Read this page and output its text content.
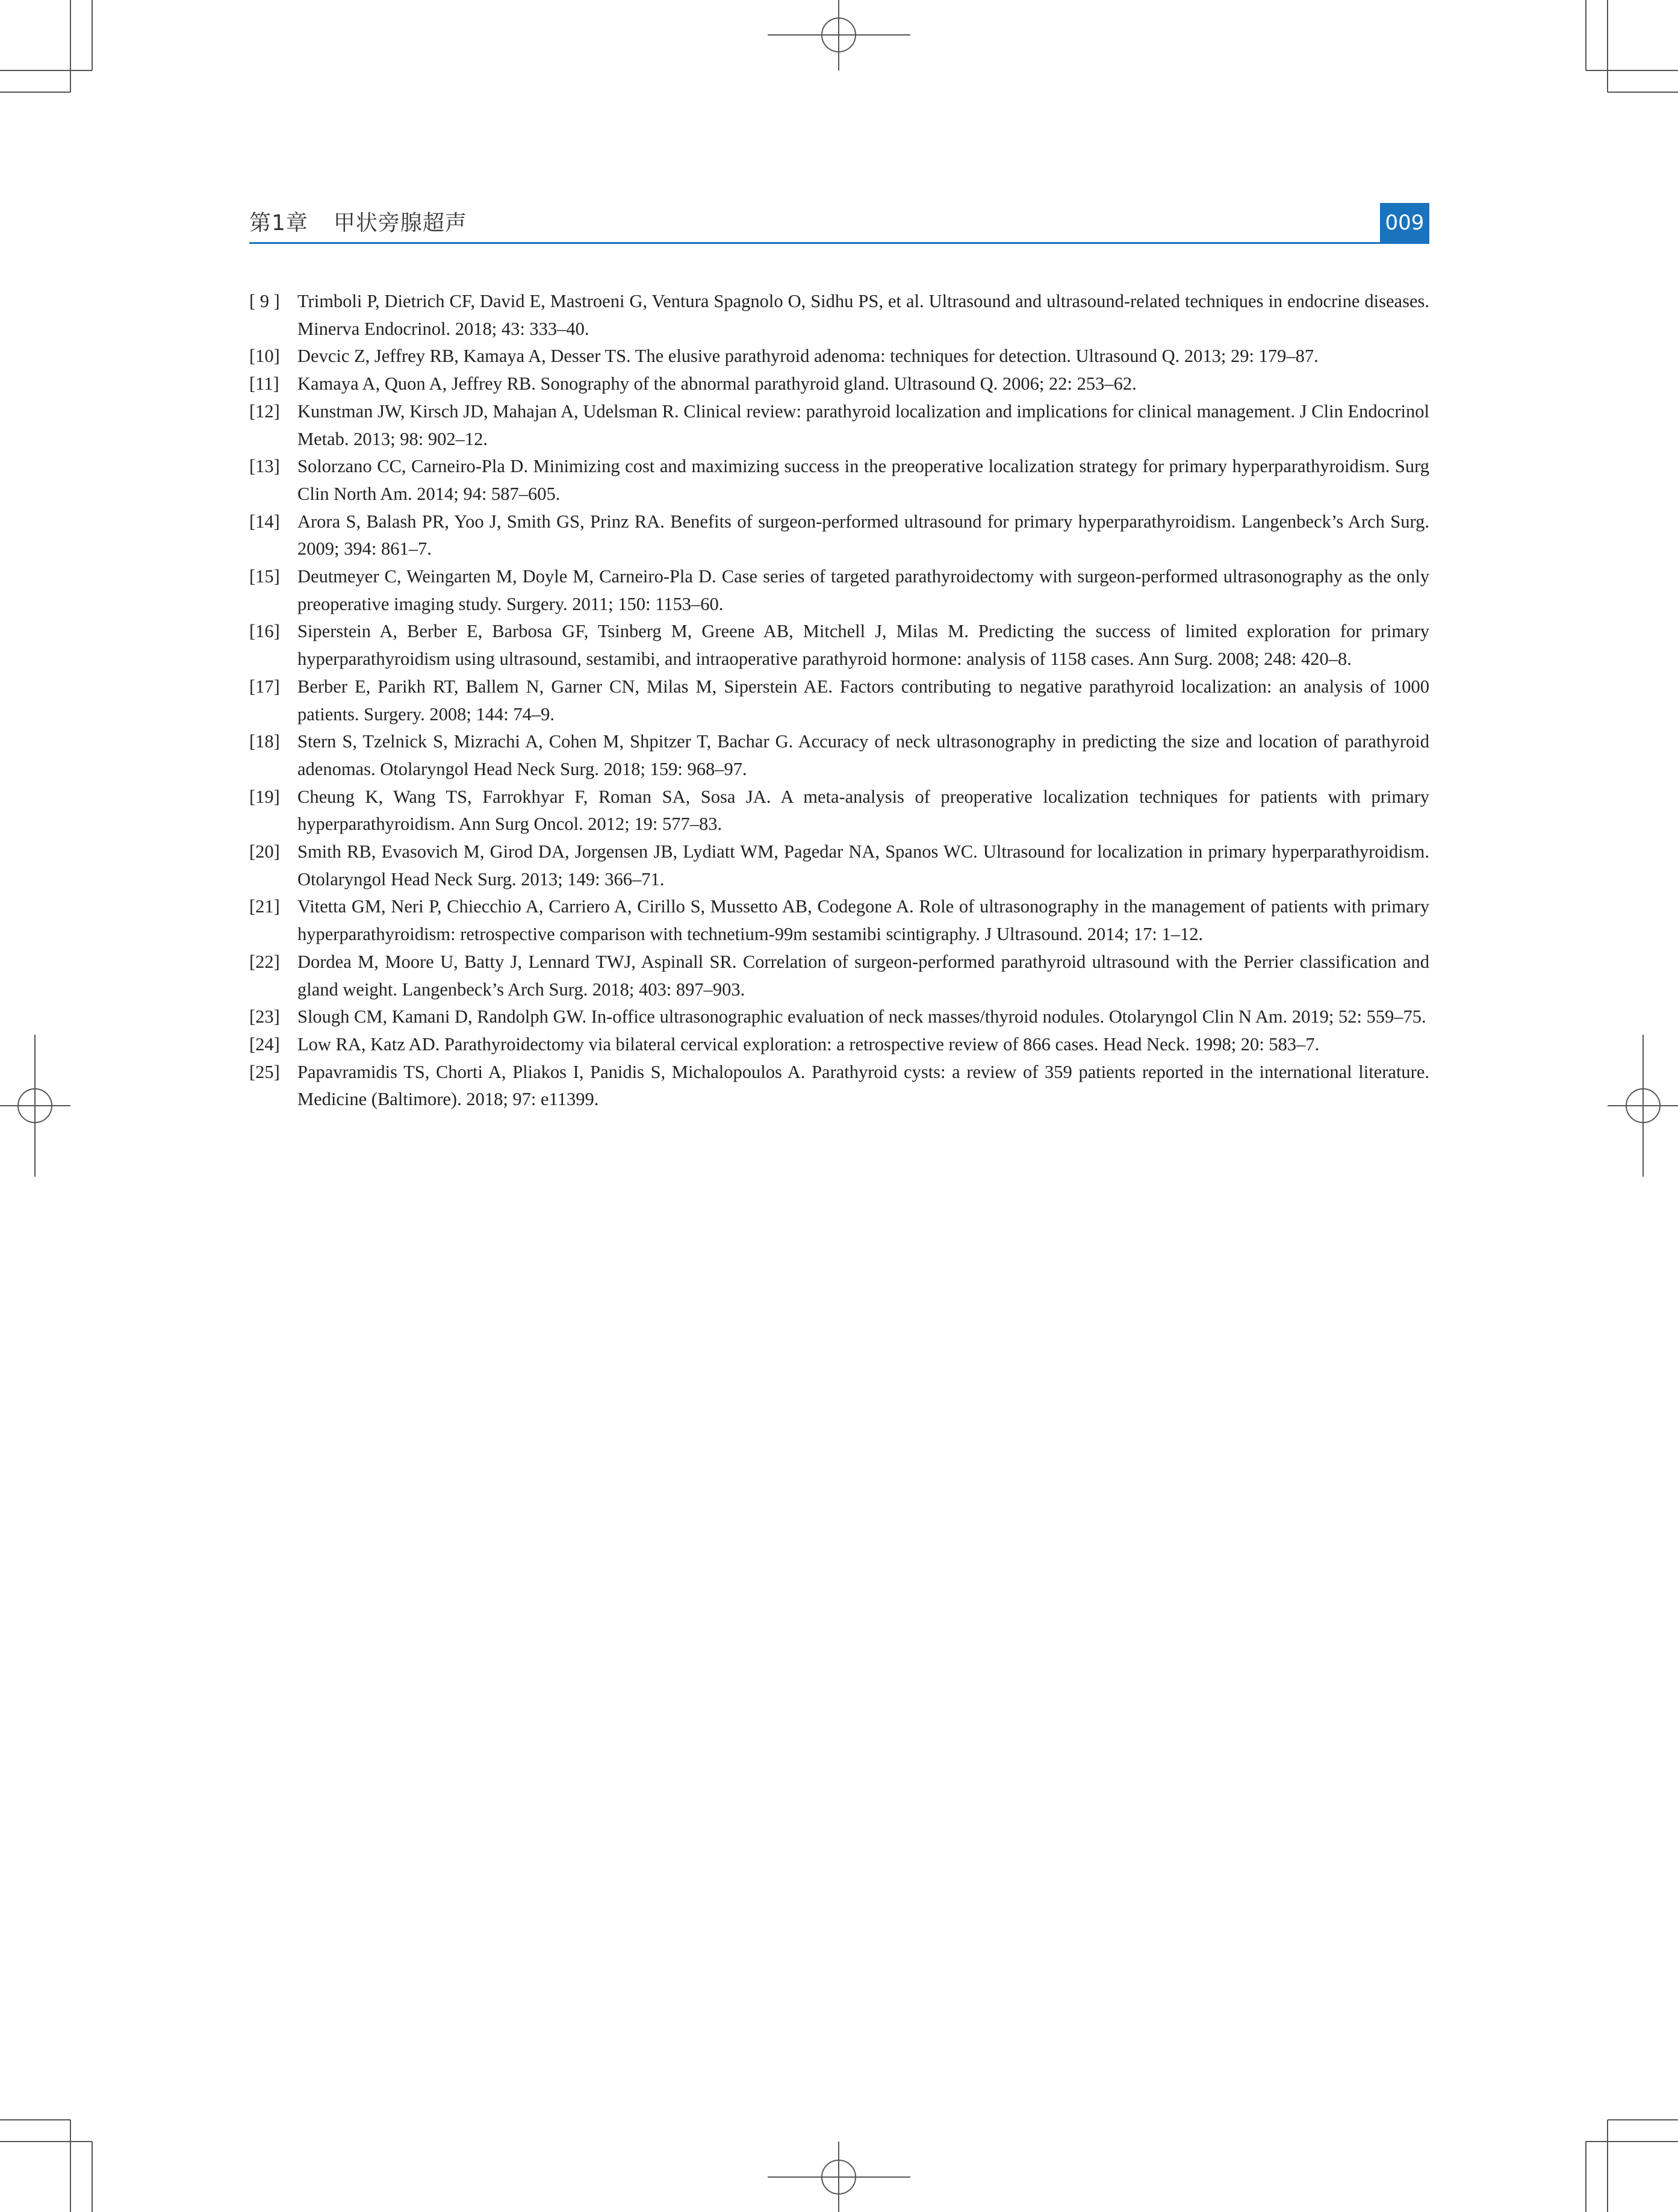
第1章 甲状旁腺超声	009
[ 9 ] Trimboli P, Dietrich CF, David E, Mastroeni G, Ventura Spagnolo O, Sidhu PS, et al. Ultrasound and ultrasound-related techniques in endocrine diseases. Minerva Endocrinol. 2018; 43: 333–40.
[10] Devcic Z, Jeffrey RB, Kamaya A, Desser TS. The elusive parathyroid adenoma: techniques for detection. Ultrasound Q. 2013; 29: 179–87.
[11] Kamaya A, Quon A, Jeffrey RB. Sonography of the abnormal parathyroid gland. Ultrasound Q. 2006; 22: 253–62.
[12] Kunstman JW, Kirsch JD, Mahajan A, Udelsman R. Clinical review: parathyroid localization and implications for clinical management. J Clin Endocrinol Metab. 2013; 98: 902–12.
[13] Solorzano CC, Carneiro-Pla D. Minimizing cost and maximizing success in the preoperative localization strategy for primary hyperparathyroidism. Surg Clin North Am. 2014; 94: 587–605.
[14] Arora S, Balash PR, Yoo J, Smith GS, Prinz RA. Benefits of surgeon-performed ultrasound for primary hyperparathyroidism. Langenbeck’s Arch Surg. 2009; 394: 861–7.
[15] Deutmeyer C, Weingarten M, Doyle M, Carneiro-Pla D. Case series of targeted parathyroidectomy with surgeon-performed ultrasonography as the only preoperative imaging study. Surgery. 2011; 150: 1153–60.
[16] Siperstein A, Berber E, Barbosa GF, Tsinberg M, Greene AB, Mitchell J, Milas M. Predicting the success of limited exploration for primary hyperparathyroidism using ultrasound, sestamibi, and intraoperative parathyroid hormone: analysis of 1158 cases. Ann Surg. 2008; 248: 420–8.
[17] Berber E, Parikh RT, Ballem N, Garner CN, Milas M, Siperstein AE. Factors contributing to negative parathyroid localization: an analysis of 1000 patients. Surgery. 2008; 144: 74–9.
[18] Stern S, Tzelnick S, Mizrachi A, Cohen M, Shpitzer T, Bachar G. Accuracy of neck ultrasonography in predicting the size and location of parathyroid adenomas. Otolaryngol Head Neck Surg. 2018; 159: 968–97.
[19] Cheung K, Wang TS, Farrokhyar F, Roman SA, Sosa JA. A meta-analysis of preoperative localization techniques for patients with primary hyperparathyroidism. Ann Surg Oncol. 2012; 19: 577–83.
[20] Smith RB, Evasovich M, Girod DA, Jorgensen JB, Lydiatt WM, Pagedar NA, Spanos WC. Ultrasound for localization in primary hyperparathyroidism. Otolaryngol Head Neck Surg. 2013; 149: 366–71.
[21] Vitetta GM, Neri P, Chiecchio A, Carriero A, Cirillo S, Mussetto AB, Codegone A. Role of ultrasonography in the management of patients with primary hyperparathyroidism: retrospective comparison with technetium-99m sestamibi scintigraphy. J Ultrasound. 2014; 17: 1–12.
[22] Dordea M, Moore U, Batty J, Lennard TWJ, Aspinall SR. Correlation of surgeon-performed parathyroid ultrasound with the Perrier classification and gland weight. Langenbeck’s Arch Surg. 2018; 403: 897–903.
[23] Slough CM, Kamani D, Randolph GW. In-office ultrasonographic evaluation of neck masses/thyroid nodules. Otolaryngol Clin N Am. 2019; 52: 559–75.
[24] Low RA, Katz AD. Parathyroidectomy via bilateral cervical exploration: a retrospective review of 866 cases. Head Neck. 1998; 20: 583–7.
[25] Papavramidis TS, Chorti A, Pliakos I, Panidis S, Michalopoulos A. Parathyroid cysts: a review of 359 patients reported in the international literature. Medicine (Baltimore). 2018; 97: e11399.
